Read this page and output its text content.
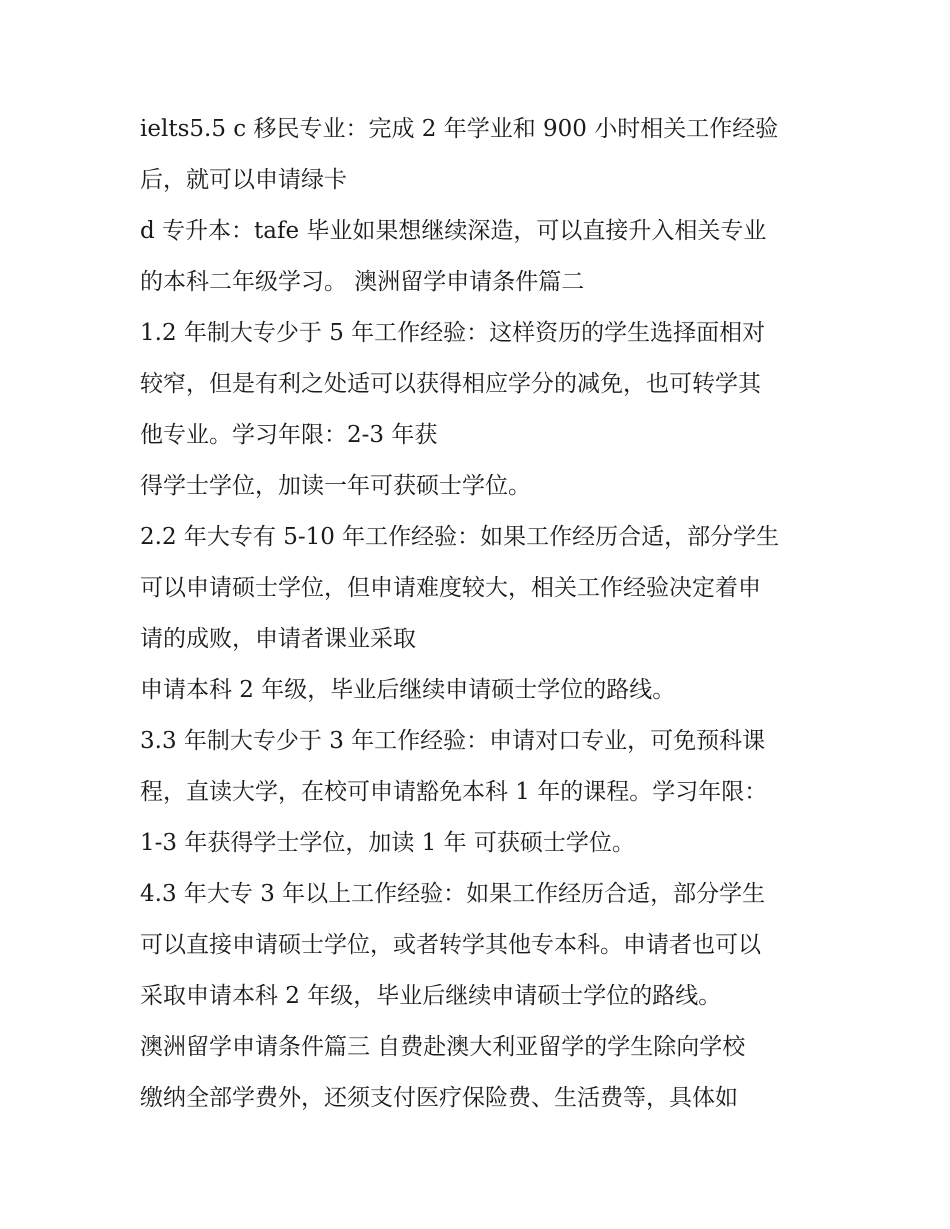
ielts5.5 c 移民专业：完成 2 年学业和 900 小时相关工作经验
后，就可以申请绿卡
d 专升本：tafe 毕业如果想继续深造，可以直接升入相关专业
的本科二年级学习。 澳洲留学申请条件篇二
1.2 年制大专少于 5 年工作经验：这样资历的学生选择面相对
较窄，但是有利之处适可以获得相应学分的减免，也可转学其
他专业。学习年限：2-3 年获
得学士学位，加读一年可获硕士学位。
2.2 年大专有 5-10 年工作经验：如果工作经历合适，部分学生
可以申请硕士学位，但申请难度较大，相关工作经验决定着申
请的成败，申请者课业采取
申请本科 2 年级，毕业后继续申请硕士学位的路线。
3.3 年制大专少于 3 年工作经验：申请对口专业，可免预科课
程，直读大学，在校可申请豁免本科 1 年的课程。学习年限：
1-3 年获得学士学位，加读 1 年 可获硕士学位。
4.3 年大专 3 年以上工作经验：如果工作经历合适，部分学生
可以直接申请硕士学位，或者转学其他专本科。申请者也可以
采取申请本科 2 年级，毕业后继续申请硕士学位的路线。
澳洲留学申请条件篇三 自费赴澳大利亚留学的学生除向学校
缴纳全部学费外，还须支付医疗保险费、生活费等，具体如
